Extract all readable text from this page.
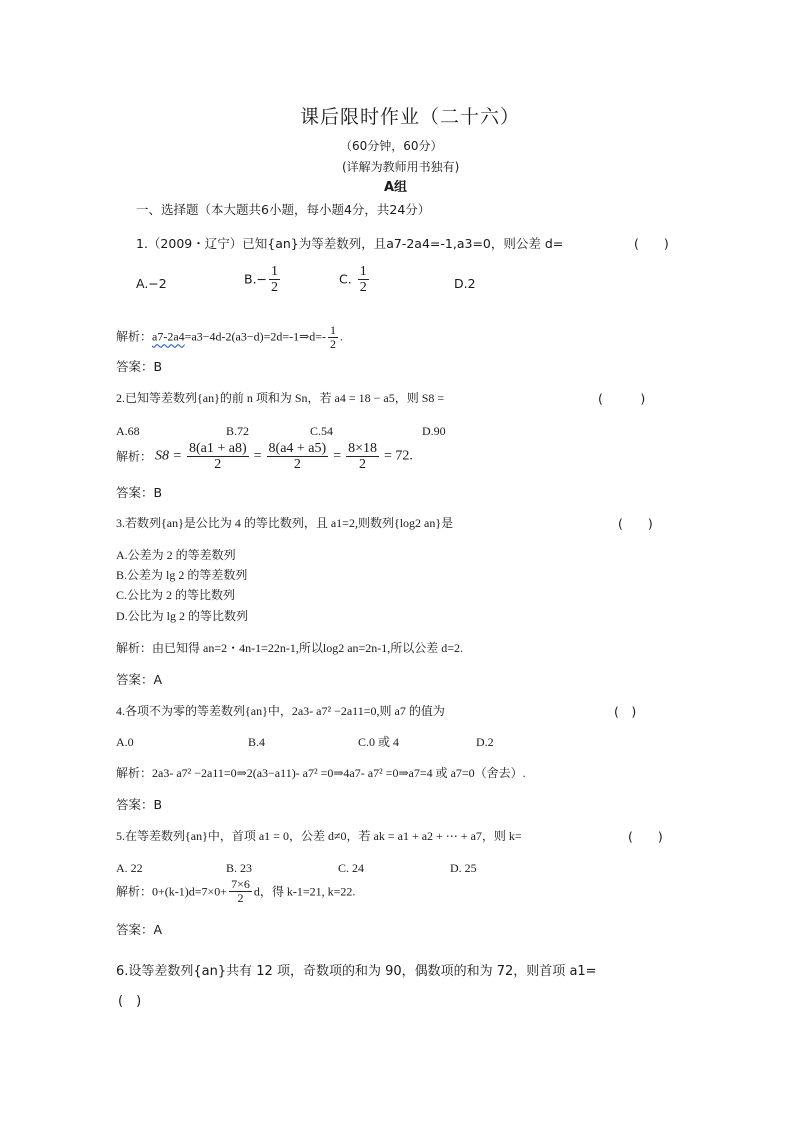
课后限时作业（二十六）
（60分钟，60分）
(详解为教师用书独有)
A组
一、选择题（本大题共6小题，每小题4分，共24分）
1.（2009・辽宁）已知{an}为等差数列，且a7-2a4=-1,a3=0，则公差 d=	(　　)
A.−2	$B.- \frac{1}{2}$	C. $\frac{1}{2}$	D.2
解析：a7-2a4=a3−4d-2(a3−d)=2d=-1⇒d=- $\frac{1}{2}$ .
答案：B
2.已知等差数列{an}的前 n 项和为 Sn，若 a4 = 18 − a5，则 S8 =	(　　　)
A.68	B.72	C.54	D.90
解析： $S8 = \frac{8(a1 + a8)}{2} = \frac{8(a4 + a5)}{2} = \frac{8\times 18}{2} = 72$.
答案：B
3.若数列{an}是公比为 4 的等比数列，且 a1=2,则数列{log2 an}是	(　　)
A.公差为 2 的等差数列
B.公差为 lg 2 的等差数列
C.公比为 2 的等比数列
D.公比为 lg 2 的等比数列
解析：由已知得 an=2・4n-1=22n-1,所以log2 an=2n-1,所以公差 d=2.
答案：A
4.各项不为零的等差数列{an}中，2a3- a7² −2a11=0,则 a7 的值为	(　)
A.0	B.4	C.0 或 4	D.2
解析：2a3- a7² −2a11=0⇒2(a3−a11)- a7² =0⇒4a7- a7² =0⇒a7=4 或 a7=0（舍去）.
答案：B
5.在等差数列{an}中，首项 a1 = 0，公差 d≠0，若 ak = a1 + a2 + ⋯ + a7，则 k=	(　　)
A. 22	B. 23	C. 24	D. 25
解析：$0+(k-1)d=7\times 0+ \frac{7\times 6}{2}$ d，得 k-1=21, k=22.
答案：A
6.设等差数列{an}共有 12 项，奇数项的和为 90，偶数项的和为 72，则首项 a1=
(　)
